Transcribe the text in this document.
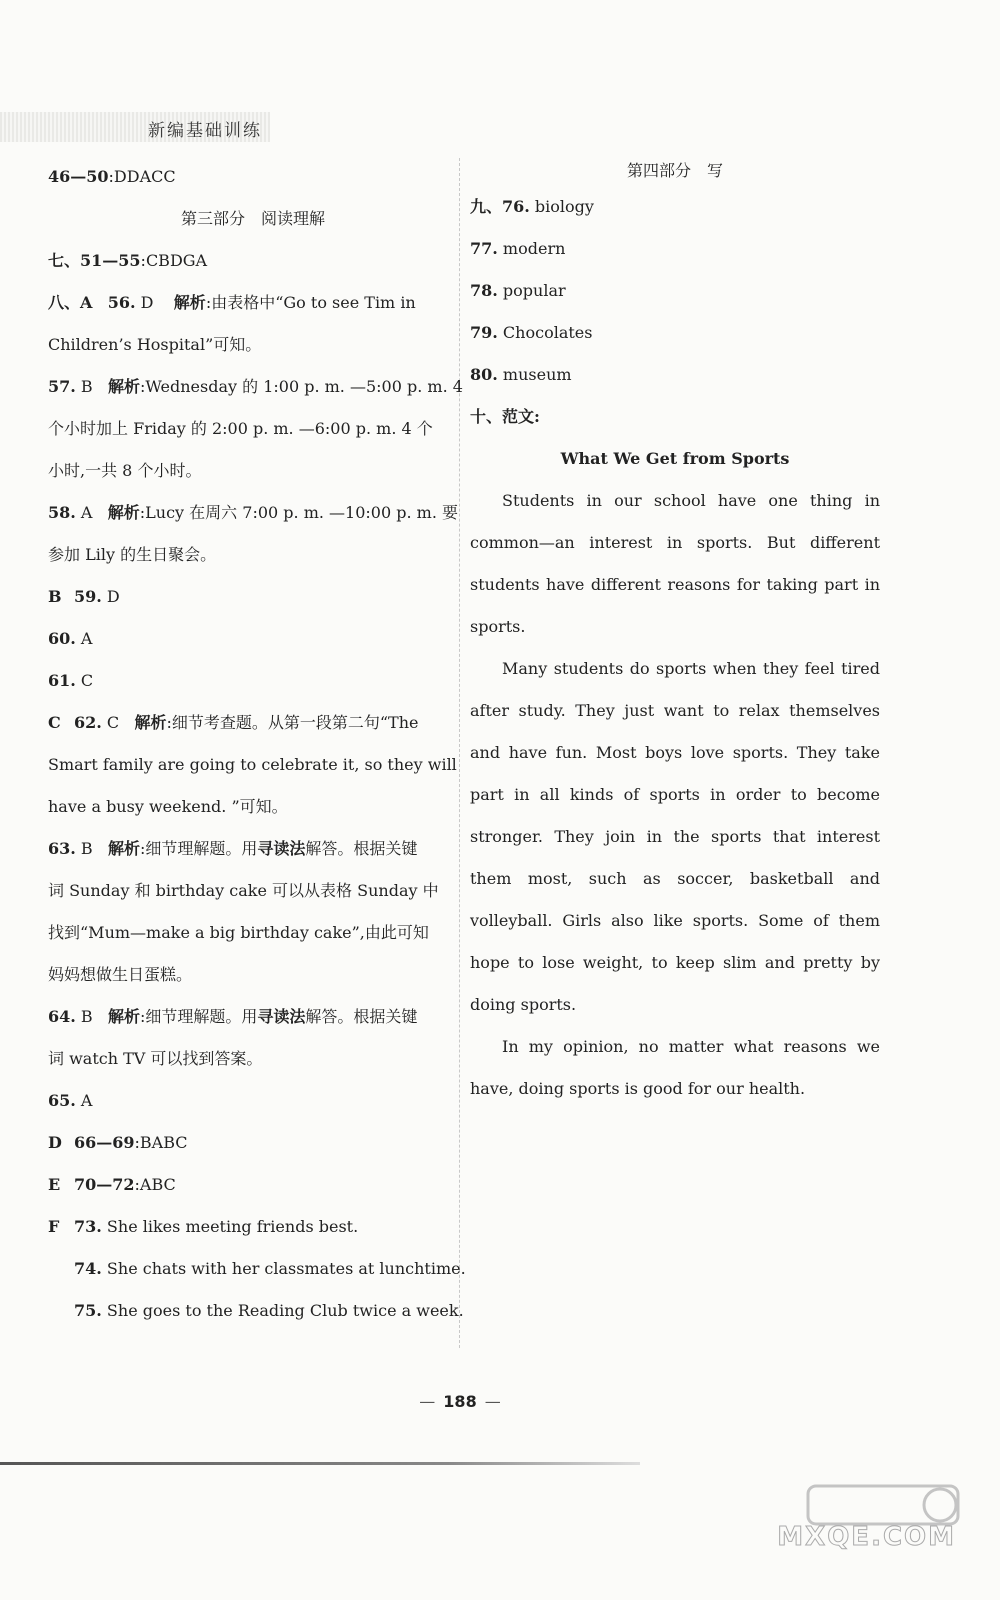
新编基础训练
46—50:DDACC
第三部分　阅读理解
七、51—55:CBDGA
八、A 56. D 解析:由表格中“Go to see Tim in
Children’s Hospital”可知。
57. B 解析:Wednesday 的 1:00 p. m. —5:00 p. m. 4
个小时加上 Friday 的 2:00 p. m. —6:00 p. m. 4 个
小时,一共 8 个小时。
58. A 解析:Lucy 在周六 7:00 p. m. —10:00 p. m. 要
参加 Lily 的生日聚会。
B 59. D
60. A
61. C
C 62. C 解析:细节考查题。从第一段第二句“The
Smart family are going to celebrate it, so they will
have a busy weekend. ”可知。
63. B 解析:细节理解题。用寻读法解答。根据关键
词 Sunday 和 birthday cake 可以从表格 Sunday 中
找到“Mum—make a big birthday cake”,由此可知
妈妈想做生日蛋糕。
64. B 解析:细节理解题。用寻读法解答。根据关键
词 watch TV 可以找到答案。
65. A
D 66—69:BABC
E 70—72:ABC
F 73. She likes meeting friends best.
74. She chats with her classmates at lunchtime.
75. She goes to the Reading Club twice a week.
第四部分　写
九、76. biology
77. modern
78. popular
79. Chocolates
80. museum
十、范文:
What We Get from Sports

Students in our school have one thing in common—an interest in sports. But different students have different reasons for taking part in sports.

Many students do sports when they feel tired after study. They just want to relax themselves and have fun. Most boys love sports. They take part in all kinds of sports in order to become stronger. They join in the sports that interest them most, such as soccer, basketball and volleyball. Girls also like sports. Some of them hope to lose weight, to keep slim and pretty by doing sports.

In my opinion, no matter what reasons we have, doing sports is good for our health.

— 188 —
MXQE.COM
